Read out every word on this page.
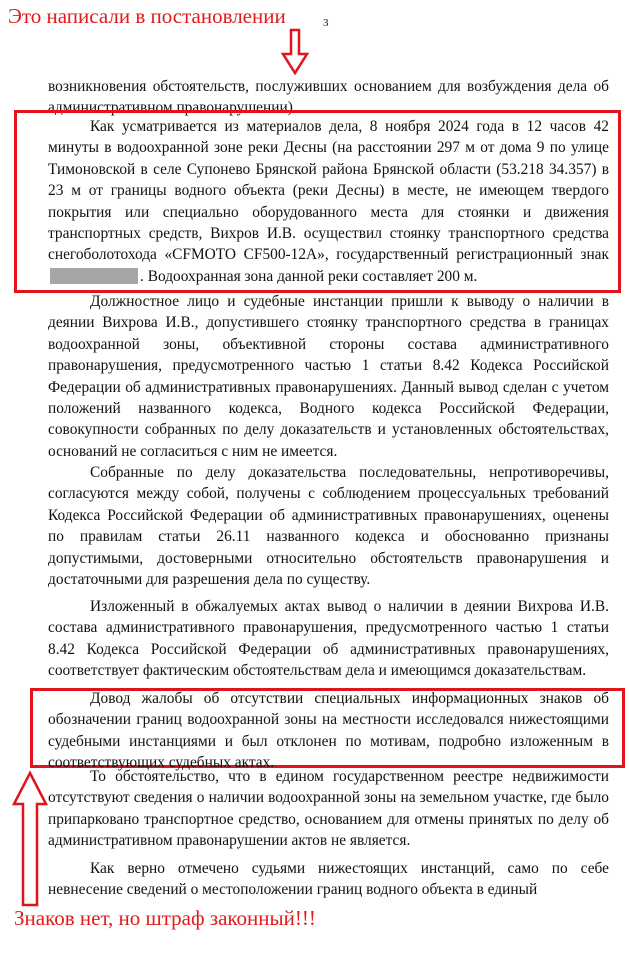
Это написали в постановлении	3

возникновения обстоятельств, послуживших основанием для возбуждения дела об административном правонарушении).

Как усматривается из материалов дела, 8 ноября 2024 года в 12 часов 42 минуты в водоохранной зоне реки Десны (на расстоянии 297 м от дома 9 по улице Тимоновской в селе Супонево Брянской района Брянской области (53.218 34.357) в 23 м от границы водного объекта (реки Десны) в месте, не имеющем твердого покрытия или специально оборудованного места для стоянки и движения транспортных средств, Вихров И.В. осуществил стоянку транспортного средства снегоболотохода «CFMOTO CF500-12A», государственный регистрационный знак . Водоохранная зона данной реки составляет 200 м.

Должностное лицо и судебные инстанции пришли к выводу о наличии в деянии Вихрова И.В., допустившего стоянку транспортного средства в границах водоохранной зоны, объективной стороны состава административного правонарушения, предусмотренного частью 1 статьи 8.42 Кодекса Российской Федерации об административных правонарушениях. Данный вывод сделан с учетом положений названного кодекса, Водного кодекса Российской Федерации, совокупности собранных по делу доказательств и установленных обстоятельствах, оснований не согласиться с ним не имеется.

Собранные по делу доказательства последовательны, непротиворечивы, согласуются между собой, получены с соблюдением процессуальных требований Кодекса Российской Федерации об административных правонарушениях, оценены по правилам статьи 26.11 названного кодекса и обоснованно признаны допустимыми, достоверными относительно обстоятельств правонарушения и достаточными для разрешения дела по существу.

Изложенный в обжалуемых актах вывод о наличии в деянии Вихрова И.В. состава административного правонарушения, предусмотренного частью 1 статьи 8.42 Кодекса Российской Федерации об административных правонарушениях, соответствует фактическим обстоятельствам дела и имеющимся доказательствам.

Довод жалобы об отсутствии специальных информационных знаков об обозначении границ водоохранной зоны на местности исследовался нижестоящими судебными инстанциями и был отклонен по мотивам, подробно изложенным в соответствующих судебных актах.

То обстоятельство, что в едином государственном реестре недвижимости отсутствуют сведения о наличии водоохранной зоны на земельном участке, где было припарковано транспортное средство, основанием для отмены принятых по делу об административном правонарушении актов не является.

Как верно отмечено судьями нижестоящих инстанций, само по себе невнесение сведений о местоположении границ водного объекта в единый

Знаков нет, но штраф законный!!!
